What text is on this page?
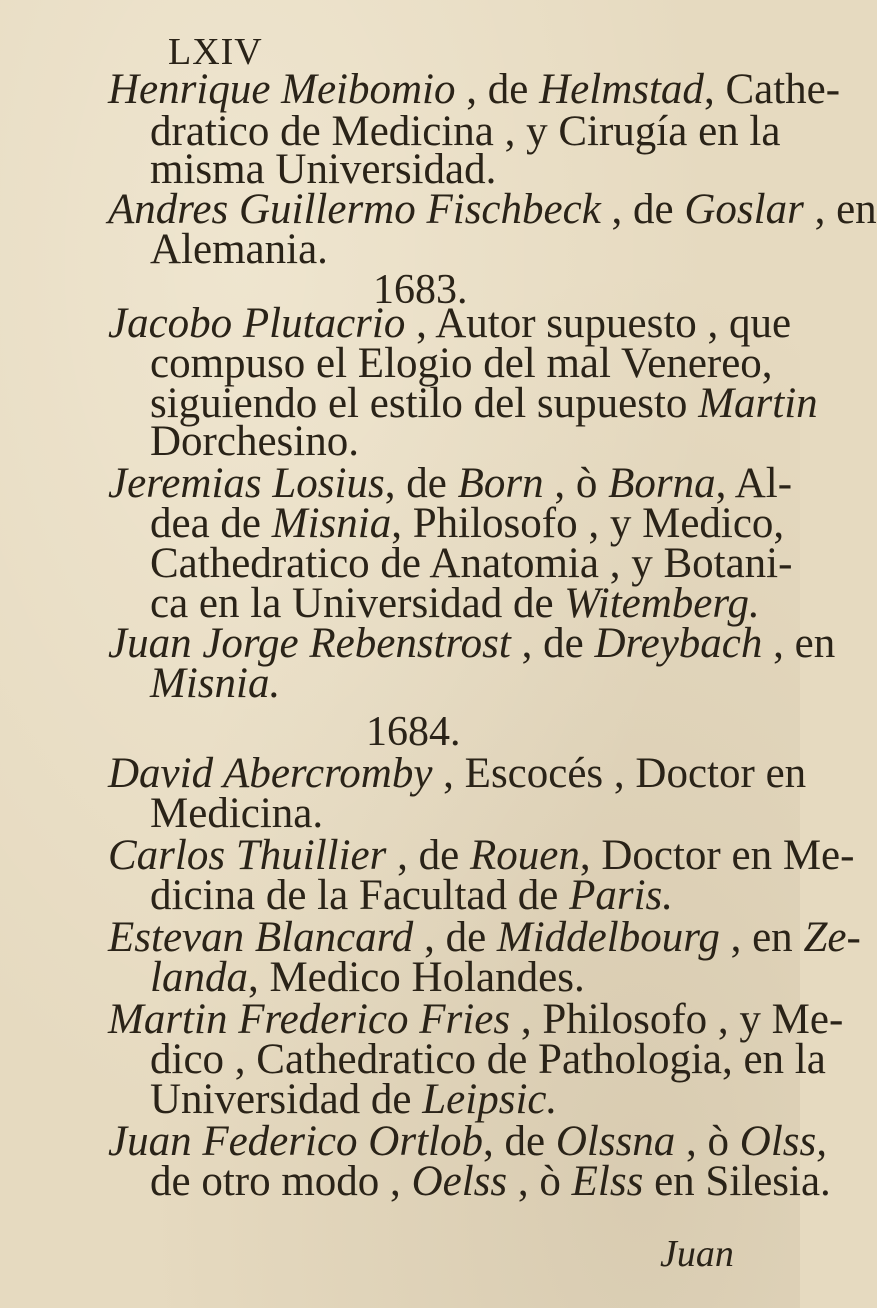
LXIV
Henrique Meibomio , de Helmstad, Cathe-
dratico de Medicina , y Cirugía en la
misma Universidad.
Andres Guillermo Fischbeck , de Goslar , en
Alemania.
1683.
Jacobo Plutacrio , Autor supuesto , que
compuso el Elogio del mal Venereo,
siguiendo el estilo del supuesto Martin
Dorchesino.
Jeremias Losius, de Born , ò Borna, Al-
dea de Misnia, Philosofo , y Medico,
Cathedratico de Anatomia , y Botani-
ca en la Universidad de Witemberg.
Juan Jorge Rebenstrost , de Dreybach , en
Misnia.
1684.
David Abercromby , Escocés , Doctor en
Medicina.
Carlos Thuillier , de Rouen, Doctor en Me-
dicina de la Facultad de Paris.
Estevan Blancard , de Middelbourg , en Ze-
landa, Medico Holandes.
Martin Frederico Fries , Philosofo , y Me-
dico , Cathedratico de Pathologia, en la
Universidad de Leipsic.
Juan Federico Ortlob, de Olssna , ò Olss,
de otro modo , Oelss , ò Elss en Silesia.
Juan
